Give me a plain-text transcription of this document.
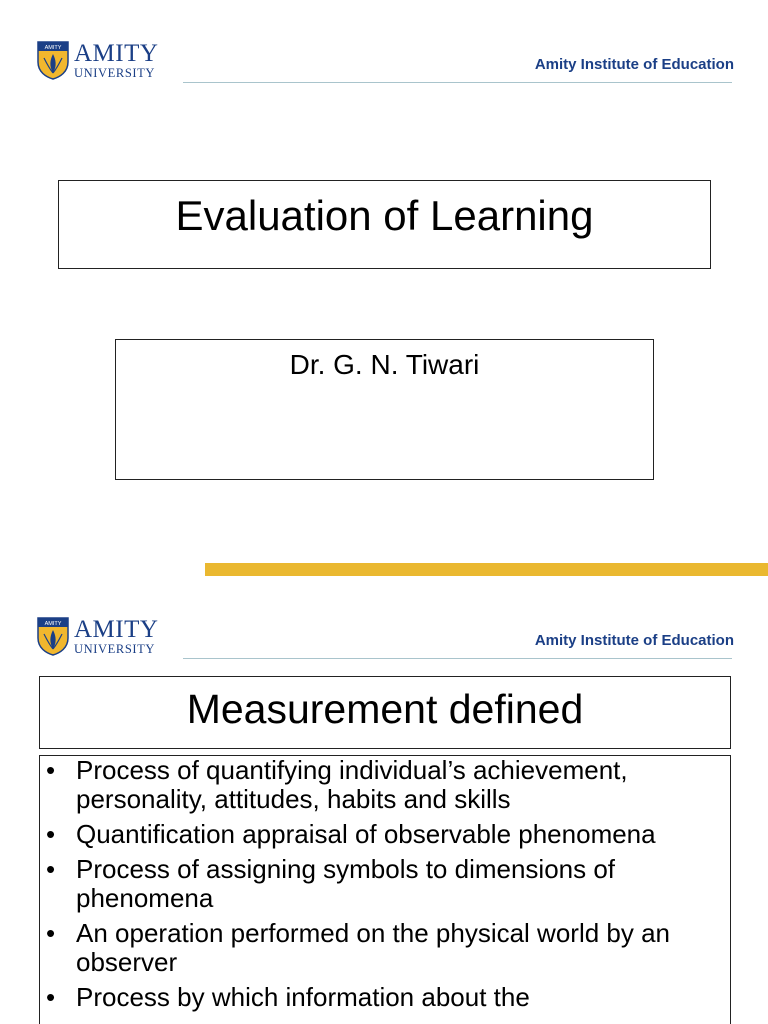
AMITY AMITY
UNIVERSITY	Amity Institute of Education
Evaluation of Learning
Dr. G. N. Tiwari
AMITY AMITY
UNIVERSITY	Amity Institute of Education
Measurement defined
• Process of quantifying individual’s achievement, personality, attitudes, habits and skills
• Quantification appraisal of observable phenomena
• Process of assigning symbols to dimensions of phenomena
• An operation performed on the physical world by an observer
• Process by which information about the
